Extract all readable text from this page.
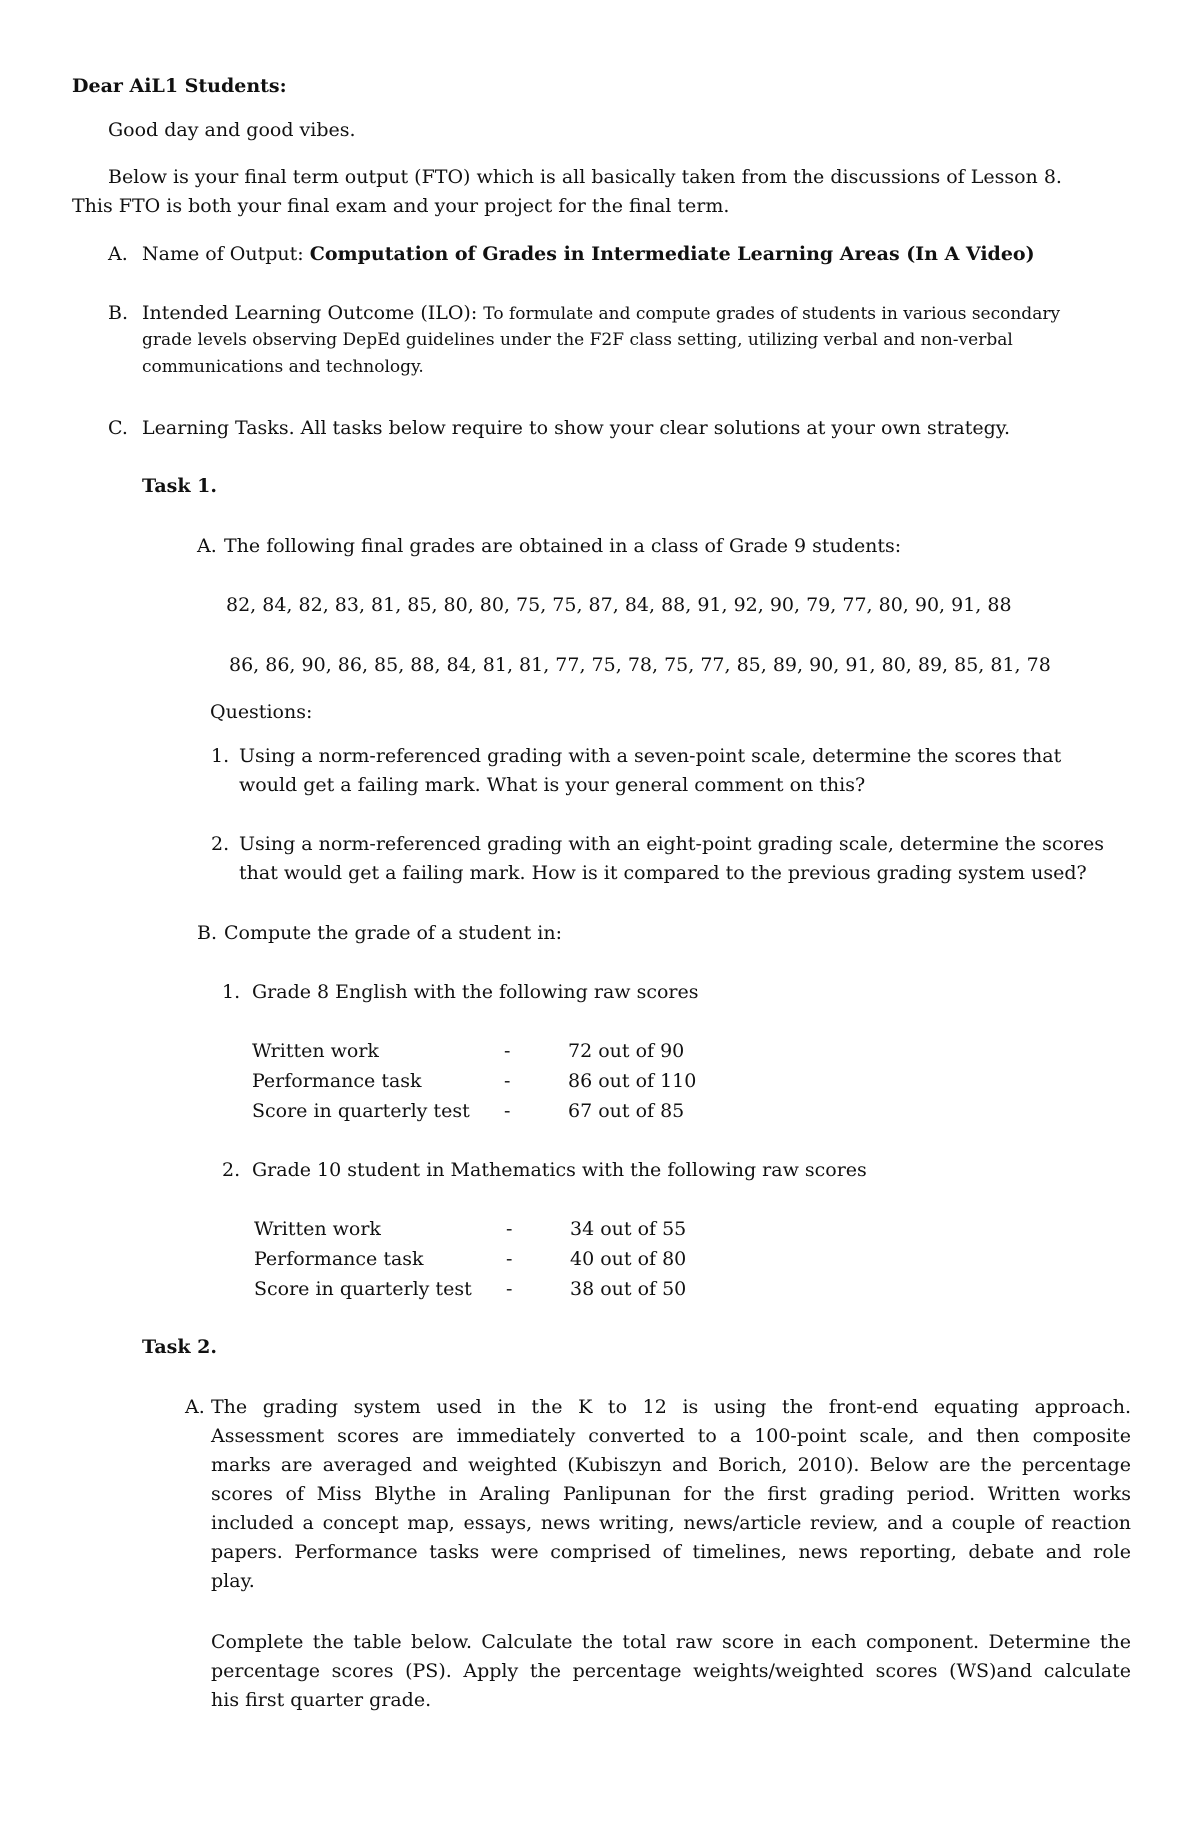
Dear AiL1 Students:
Good day and good vibes.
Below is your final term output (FTO) which is all basically taken from the discussions of Lesson 8.
This FTO is both your final exam and your project for the final term.
A. Name of Output: Computation of Grades in Intermediate Learning Areas (In A Video)
B. Intended Learning Outcome (ILO): To formulate and compute grades of students in various secondary
grade levels observing DepEd guidelines under the F2F class setting, utilizing verbal and non-verbal
communications and technology.
C. Learning Tasks. All tasks below require to show your clear solutions at your own strategy.
Task 1.
A. The following final grades are obtained in a class of Grade 9 students:
82, 84, 82, 83, 81, 85, 80, 80, 75, 75, 87, 84, 88, 91, 92, 90, 79, 77, 80, 90, 91, 88
86, 86, 90, 86, 85, 88, 84, 81, 81, 77, 75, 78, 75, 77, 85, 89, 90, 91, 80, 89, 85, 81, 78
Questions:
1. Using a norm-referenced grading with a seven-point scale, determine the scores that
would get a failing mark. What is your general comment on this?
2. Using a norm-referenced grading with an eight-point grading scale, determine the scores
that would get a failing mark. How is it compared to the previous grading system used?
B. Compute the grade of a student in:
1. Grade 8 English with the following raw scores
Written work	-	72 out of 90
Performance task	-	86 out of 110
Score in quarterly test -	67 out of 85
2. Grade 10 student in Mathematics with the following raw scores
Written work	-	34 out of 55
Performance task	-	40 out of 80
Score in quarterly test -	38 out of 50
Task 2.
A. The grading system used in the K to 12 is using the front-end equating approach.
Assessment scores are immediately converted to a 100-point scale, and then composite
marks are averaged and weighted (Kubiszyn and Borich, 2010). Below are the percentage
scores of Miss Blythe in Araling Panlipunan for the first grading period. Written works
included a concept map, essays, news writing, news/article review, and a couple of reaction
papers. Performance tasks were comprised of timelines, news reporting, debate and role
play.
Complete the table below. Calculate the total raw score in each component. Determine the
percentage scores (PS). Apply the percentage weights/weighted scores (WS)and calculate
his first quarter grade.
